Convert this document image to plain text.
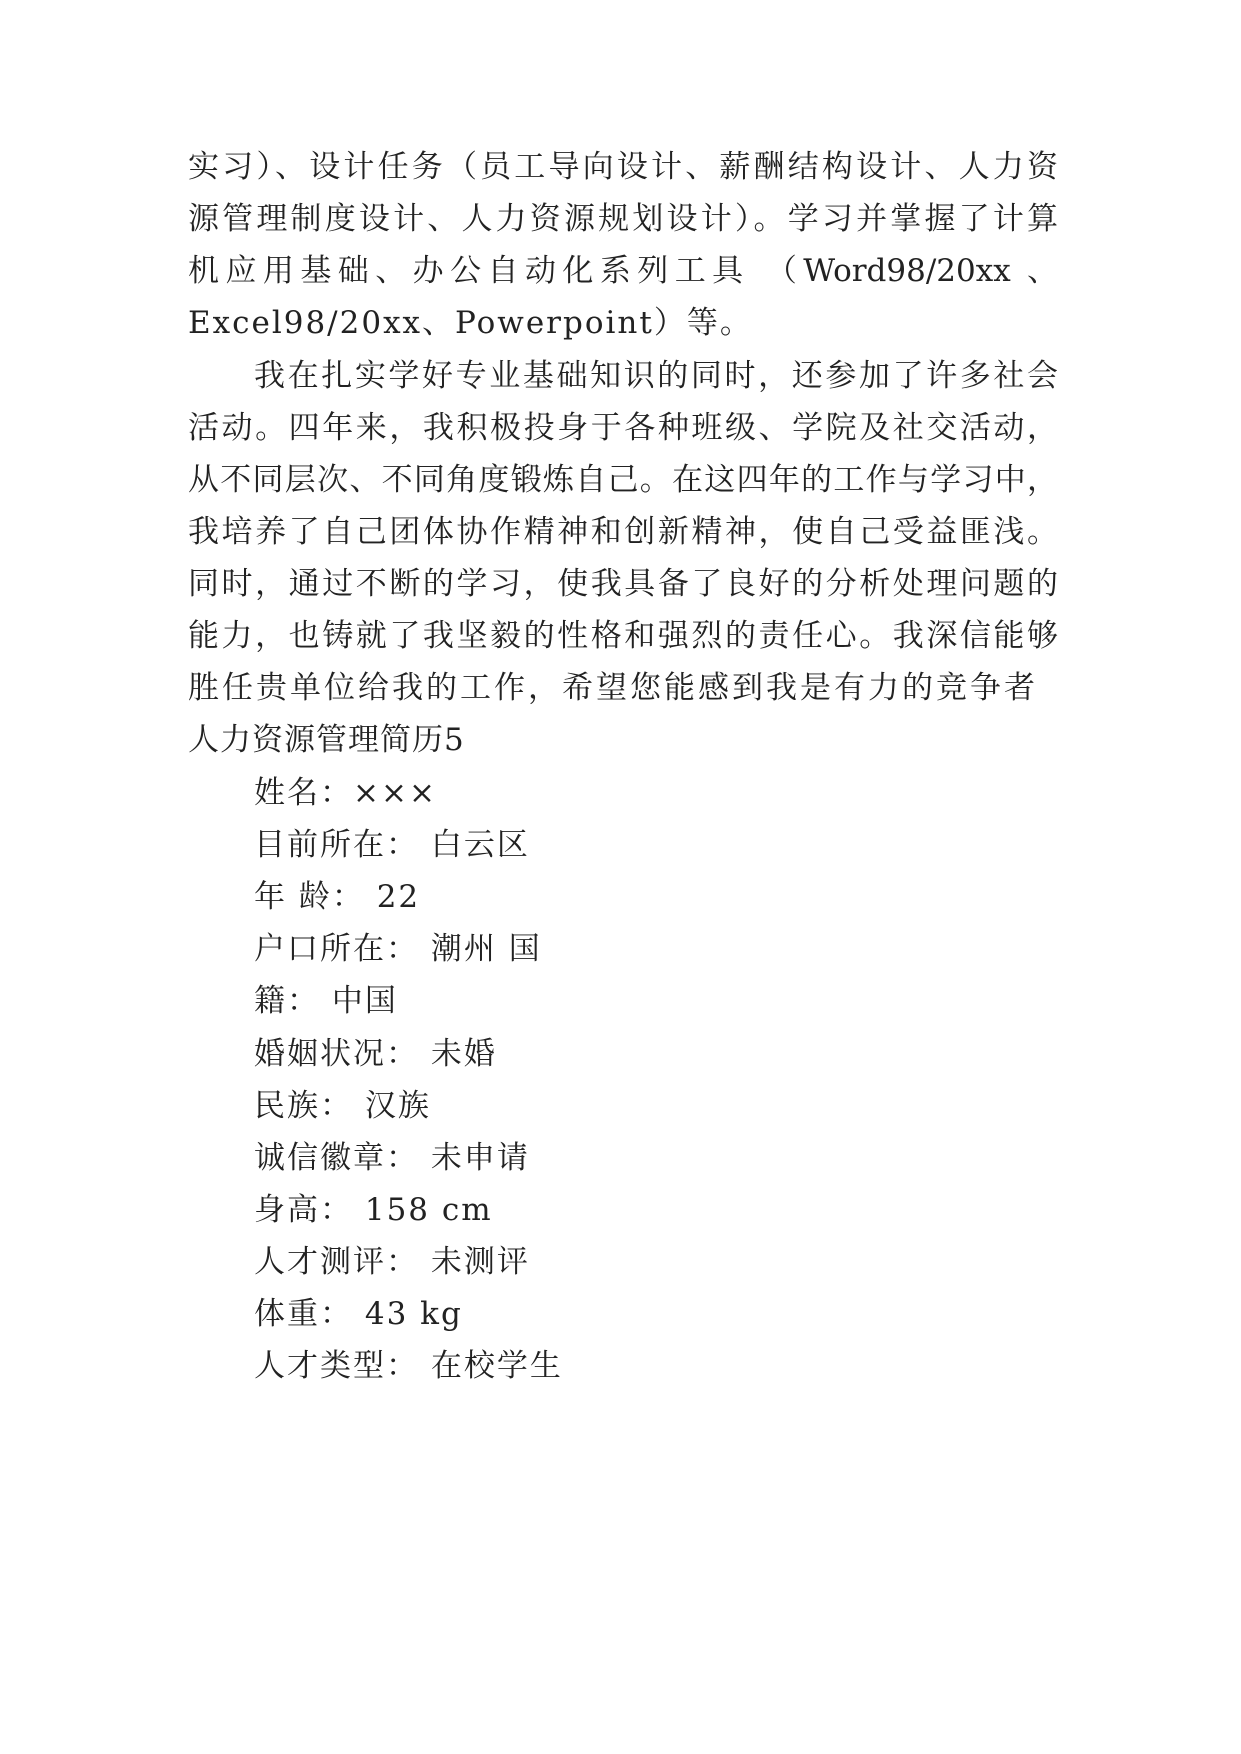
实习）、设计任务（员工导向设计、薪酬结构设计、人力资
源管理制度设计、人力资源规划设计）。学习并掌握了计算
机应用基础、办公自动化系列工具 （Word98/20xx 、
Excel98/20xx、Powerpoint）等。
我在扎实学好专业基础知识的同时，还参加了许多社会
活动。四年来，我积极投身于各种班级、学院及社交活动，
从不同层次、不同角度锻炼自己。在这四年的工作与学习中，
我培养了自己团体协作精神和创新精神，使自己受益匪浅。
同时，通过不断的学习，使我具备了良好的分析处理问题的
能力，也铸就了我坚毅的性格和强烈的责任心。我深信能够
胜任贵单位给我的工作，希望您能感到我是有力的竞争者
人力资源管理简历5
姓名：×××
目前所在： 白云区
年 龄： 22
户口所在： 潮州 国
籍： 中国
婚姻状况： 未婚
民族： 汉族
诚信徽章： 未申请
身高： 158 cm
人才测评： 未测评
体重： 43 kg
人才类型： 在校学生
